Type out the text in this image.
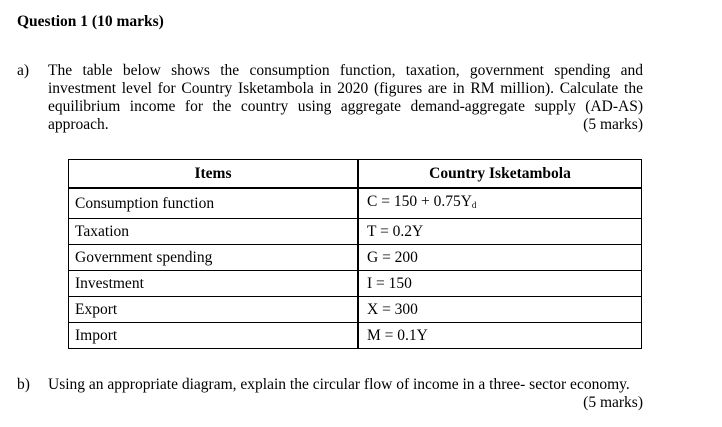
Question 1 (10 marks)
a)	The table below shows the consumption function, taxation, government spending and
investment level for Country Isketambola in 2020 (figures are in RM million). Calculate the
equilibrium income for the country using aggregate demand-aggregate supply (AD-AS)
approach.	(5 marks)
Items	Country Isketambola
Consumption function	$C = 150 + 0.75Y_d$
Taxation	T = 0.2Y
Government spending	G = 200
Investment	I = 150
Export	X = 300
Import	M = 0.1Y
b)	Using an appropriate diagram, explain the circular flow of income in a three- sector economy.
(5 marks)
